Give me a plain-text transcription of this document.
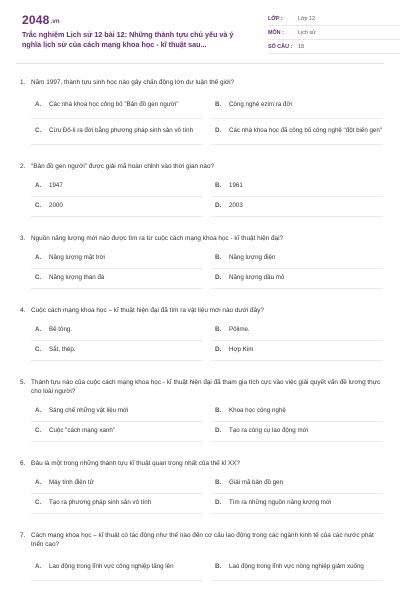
2048.vn
Trắc nghiệm Lịch sử 12 bài 12: Những thành tựu chủ yếu và ý nghĩa lịch sử của cách mạng khoa học - kĩ thuật sau...
LỚP :	Lớp 12
MÔN :	Lịch sử
SỐ CÂU :	18
1. Năm 1997, thành tựu sinh học nào gây chấn động lớn dư luận thế giới?
A.	Các nhà khoa học công bố "Bản đồ gen người"	B.	Công nghệ ezim ra đời
C.	Cừu Đô-li ra đời bằng phương pháp sinh sản vô tính	D.	Các nhà khoa học đã công bố công nghệ "đột biến gen"
2. "Bản đồ gen người" được giải mã hoàn chỉnh vào thời gian nào?
A.	1947	B.	1961
C.	2000	D.	2003
3. Nguồn năng lượng mới nào được tìm ra từ cuộc cách mạng khoa học - kĩ thuật hiện đại?
A.	Năng lượng mặt trời	B.	Năng lượng điện
C.	Năng lượng than đá	D.	Năng lượng dầu mỏ
4. Cuộc cách mạng khoa học – kĩ thuật hiện đại đã tìm ra vật liệu mới nào dưới đây?
A.	Bê tông.	B.	Pôlime.
C.	Sắt, thép.	D.	Hợp Kim
5. Thành tựu nào của cuộc cách mạng khoa học - kĩ thuật hiện đại đã tham gia tích cực vào việc giải quyết vấn đề lương thực cho loài người?
A.	Sáng chế những vật liệu mới	B.	Khoa học công nghệ
C.	Cuộc "cách mạng xanh"	D.	Tạo ra công cụ lao động mới
6. Đâu là một trong những thành tựu kĩ thuật quan trọng nhất của thế kỉ XX?
A.	Máy tính điện tử	B.	Giải mã bản đồ gen
C.	Tạo ra phương pháp sinh sản vô tính	D.	Tìm ra những nguồn năng lượng mới
7. Cách mạng khoa học – kĩ thuật có tác động như thế nào đến cơ cấu lao động trong các ngành kinh tế của các nước phát triển cao?
A.	Lao động trong lĩnh vực công nghiệp tăng lên	B.	Lao động trong lĩnh vực nông nghiệp giảm xuống
